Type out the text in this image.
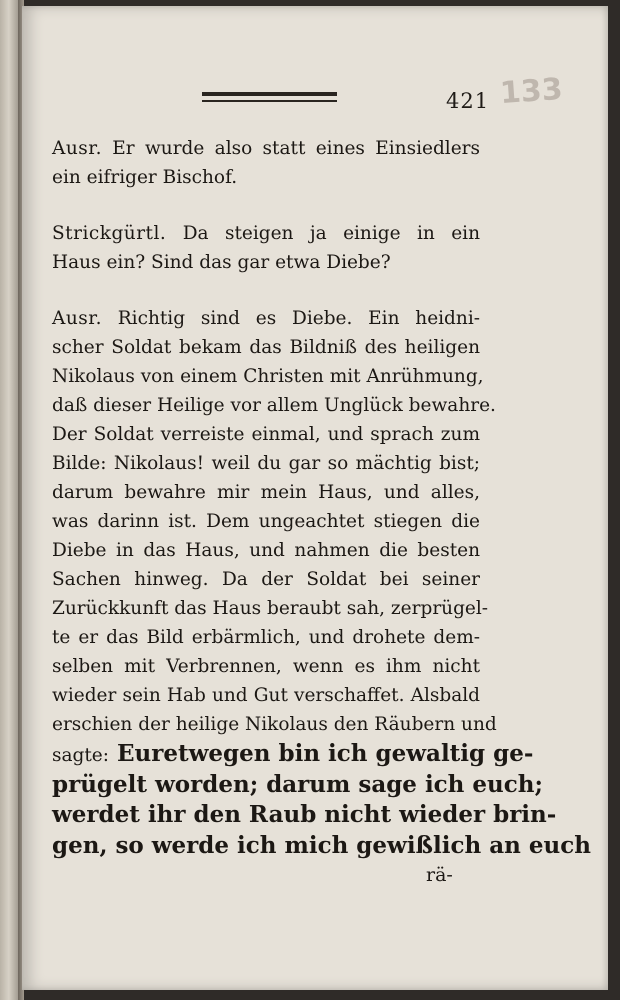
421 133
Ausr. Er wurde also statt eines Einsiedlers
ein eifriger Bischof.
Strickgürtl. Da steigen ja einige in ein
Haus ein? Sind das gar etwa Diebe?
Ausr. Richtig sind es Diebe. Ein heidni-
scher Soldat bekam das Bildniß des heiligen
Nikolaus von einem Christen mit Anrühmung,
daß dieser Heilige vor allem Unglück bewahre.
Der Soldat verreiste einmal, und sprach zum
Bilde: Nikolaus! weil du gar so mächtig bist;
darum bewahre mir mein Haus, und alles,
was darinn ist. Dem ungeachtet stiegen die
Diebe in das Haus, und nahmen die besten
Sachen hinweg. Da der Soldat bei seiner
Zurückkunft das Haus beraubt sah, zerprügel-
te er das Bild erbärmlich, und drohete dem-
selben mit Verbrennen, wenn es ihm nicht
wieder sein Hab und Gut verschaffet. Alsbald
erschien der heilige Nikolaus den Räubern und
sagte: Euretwegen bin ich gewaltig ge-
prügelt worden; darum sage ich euch;
werdet ihr den Raub nicht wieder brin-
gen, so werde ich mich gewißlich an euch
rä-
